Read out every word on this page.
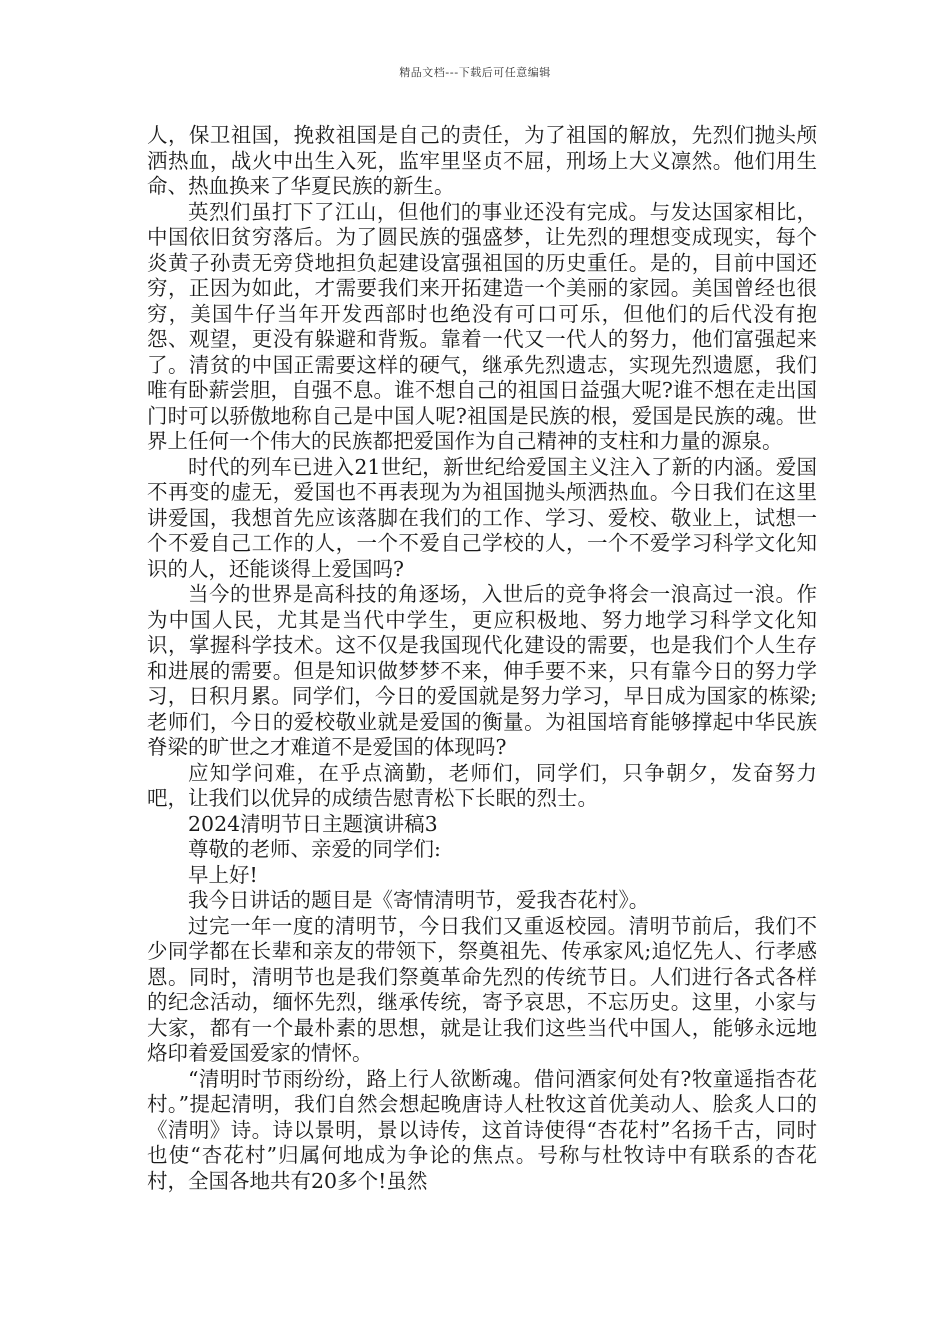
精品文档---下载后可任意编辑

人，保卫祖国，挽救祖国是自己的责任，为了祖国的解放，先烈们抛头颅洒热血，战火中出生入死，监牢里坚贞不屈，刑场上大义凛然。他们用生命、热血换来了华夏民族的新生。

英烈们虽打下了江山，但他们的事业还没有完成。与发达国家相比，中国依旧贫穷落后。为了圆民族的强盛梦，让先烈的理想变成现实，每个炎黄子孙责无旁贷地担负起建设富强祖国的历史重任。是的，目前中国还穷，正因为如此，才需要我们来开拓建造一个美丽的家园。美国曾经也很穷，美国牛仔当年开发西部时也绝没有可口可乐，但他们的后代没有抱怨、观望，更没有躲避和背叛。靠着一代又一代人的努力，他们富强起来了。清贫的中国正需要这样的硬气，继承先烈遗志，实现先烈遗愿，我们唯有卧薪尝胆，自强不息。谁不想自己的祖国日益强大呢?谁不想在走出国门时可以骄傲地称自己是中国人呢?祖国是民族的根，爱国是民族的魂。世界上任何一个伟大的民族都把爱国作为自己精神的支柱和力量的源泉。

时代的列车已进入21世纪，新世纪给爱国主义注入了新的内涵。爱国不再变的虚无，爱国也不再表现为为祖国抛头颅洒热血。今日我们在这里讲爱国，我想首先应该落脚在我们的工作、学习、爱校、敬业上，试想一个不爱自己工作的人，一个不爱自己学校的人，一个不爱学习科学文化知识的人，还能谈得上爱国吗?

当今的世界是高科技的角逐场，入世后的竞争将会一浪高过一浪。作为中国人民，尤其是当代中学生，更应积极地、努力地学习科学文化知识，掌握科学技术。这不仅是我国现代化建设的需要，也是我们个人生存和进展的需要。但是知识做梦梦不来，伸手要不来，只有靠今日的努力学习，日积月累。同学们，今日的爱国就是努力学习，早日成为国家的栋梁;老师们，今日的爱校敬业就是爱国的衡量。为祖国培育能够撑起中华民族脊梁的旷世之才难道不是爱国的体现吗?

应知学问难，在乎点滴勤，老师们，同学们，只争朝夕，发奋努力吧，让我们以优异的成绩告慰青松下长眠的烈士。

2024清明节日主题演讲稿3

尊敬的老师、亲爱的同学们:

早上好!

我今日讲话的题目是《寄情清明节，爱我杏花村》。

过完一年一度的清明节，今日我们又重返校园。清明节前后，我们不少同学都在长辈和亲友的带领下，祭奠祖先、传承家风;追忆先人、行孝感恩。同时，清明节也是我们祭奠革命先烈的传统节日。人们进行各式各样的纪念活动，缅怀先烈，继承传统，寄予哀思，不忘历史。这里，小家与大家，都有一个最朴素的思想，就是让我们这些当代中国人，能够永远地烙印着爱国爱家的情怀。

“清明时节雨纷纷，路上行人欲断魂。借问酒家何处有?牧童遥指杏花村。”提起清明，我们自然会想起晚唐诗人杜牧这首优美动人、脍炙人口的《清明》诗。诗以景明，景以诗传，这首诗使得“杏花村”名扬千古，同时也使“杏花村”归属何地成为争论的焦点。号称与杜牧诗中有联系的杏花村，全国各地共有20多个!虽然
